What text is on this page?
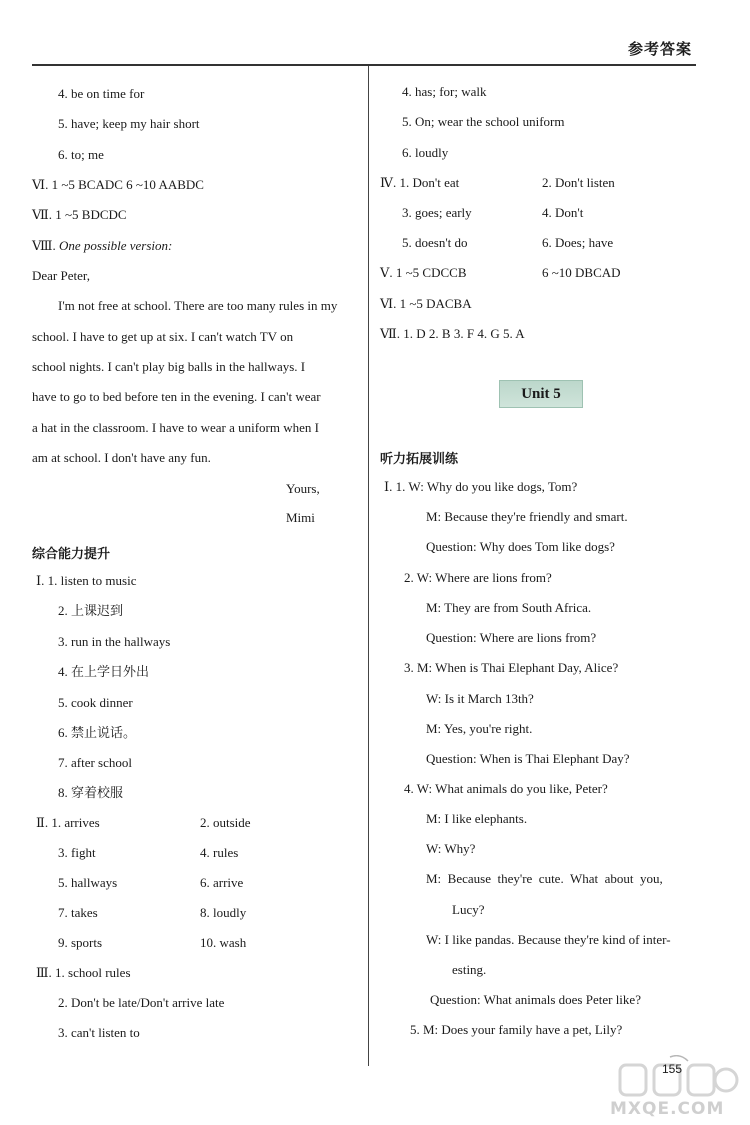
参考答案
4. be on time for
5. have; keep my hair short
6. to; me
Ⅵ. 1 ~5 BCADC 6 ~10 AABDC
Ⅶ. 1 ~5 BDCDC
Ⅷ. One possible version:
Dear Peter,
I'm not free at school. There are too many rules in my
school. I have to get up at six. I can't watch TV on
school nights. I can't play big balls in the hallways. I
have to go to bed before ten in the evening. I can't wear
a hat in the classroom. I have to wear a uniform when I
am at school. I don't have any fun.
Yours,
Mimi
综合能力提升
Ⅰ. 1. listen to music
2. 上课迟到
3. run in the hallways
4. 在上学日外出
5. cook dinner
6. 禁止说话。
7. after school
8. 穿着校服
Ⅱ. 1. arrives	2. outside
3. fight	4. rules
5. hallways	6. arrive
7. takes	8. loudly
9. sports	10. wash
Ⅲ. 1. school rules
2. Don't be late/Don't arrive late
3. can't listen to
4. has; for; walk
5. On; wear the school uniform
6. loudly
Ⅳ. 1. Don't eat	2. Don't listen
3. goes; early	4. Don't
5. doesn't do	6. Does; have
Ⅴ. 1 ~5 CDCCB	6 ~10 DBCAD
Ⅵ. 1 ~5 DACBA
Ⅶ. 1. D 2. B 3. F 4. G 5. A
Unit 5
听力拓展训练
Ⅰ. 1. W: Why do you like dogs, Tom?
M: Because they're friendly and smart.
Question: Why does Tom like dogs?
2. W: Where are lions from?
M: They are from South Africa.
Question: Where are lions from?
3. M: When is Thai Elephant Day, Alice?
W: Is it March 13th?
M: Yes, you're right.
Question: When is Thai Elephant Day?
4. W: What animals do you like, Peter?
M: I like elephants.
W: Why?
M:  Because  they're  cute.  What  about  you,
Lucy?
W: I like pandas. Because they're kind of inter-
esting.
Question: What animals does Peter like?
5. M: Does your family have a pet, Lily?
MXQE.COM
155
